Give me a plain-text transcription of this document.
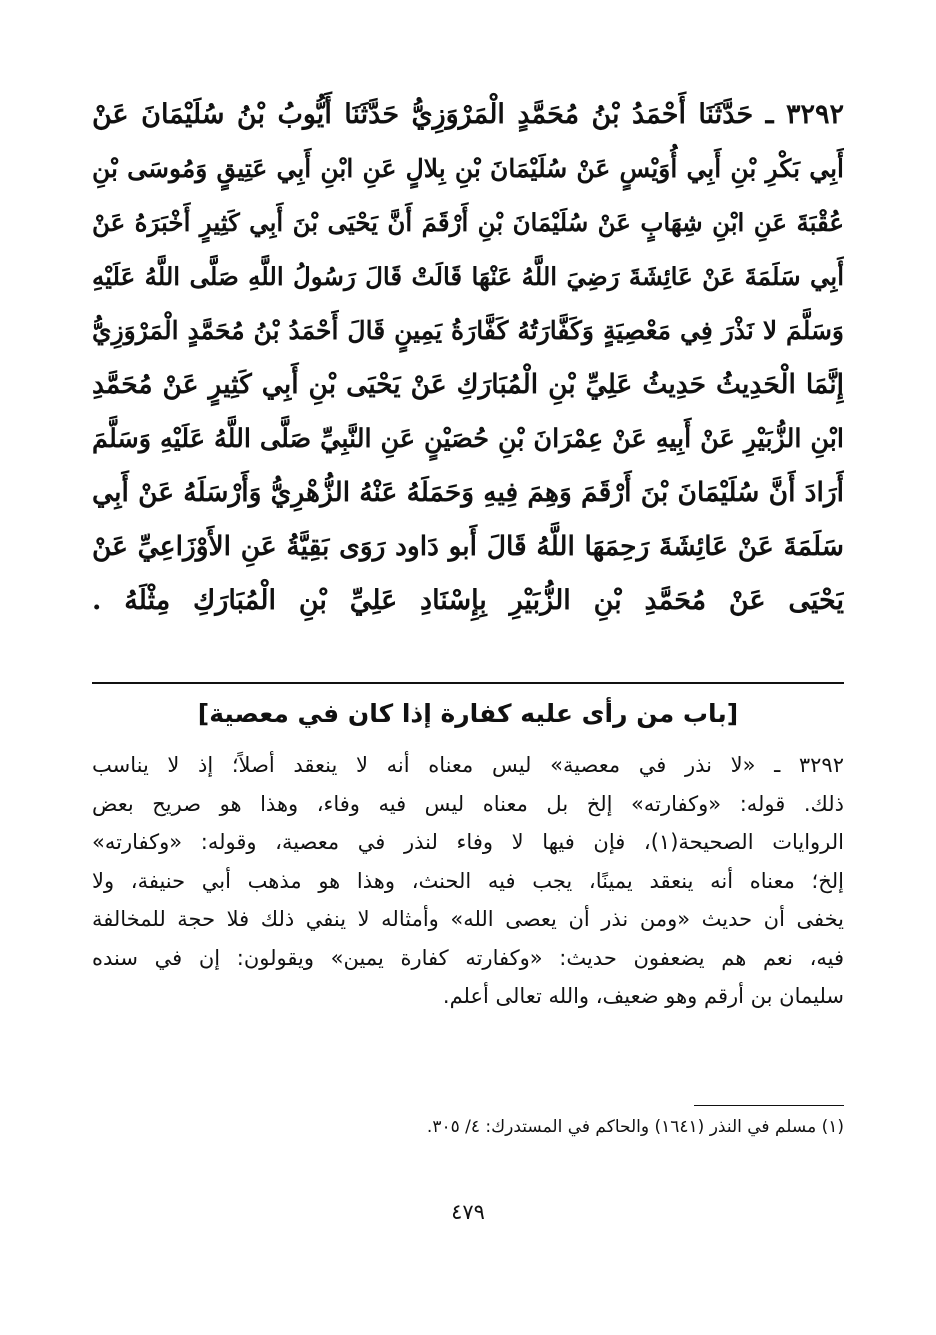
٣٢٩٢ ـ حَدَّثَنَا أَحْمَدُ بْنُ مُحَمَّدٍ الْمَرْوَزِيُّ حَدَّثَنَا أَيُّوبُ بْنُ سُلَيْمَانَ عَنْ
أَبِي بَكْرِ بْنِ أَبِي أُوَيْسٍ عَنْ سُلَيْمَانَ بْنِ بِلالٍ عَنِ ابْنِ أَبِي عَتِيقٍ وَمُوسَى بْنِ
عُقْبَةَ عَنِ ابْنِ شِهَابٍ عَنْ سُلَيْمَانَ بْنِ أَرْقَمَ أَنَّ يَحْيَى بْنَ أَبِي كَثِيرٍ أَخْبَرَهُ عَنْ
أَبِي سَلَمَةَ عَنْ عَائِشَةَ رَضِيَ اللَّهُ عَنْهَا قَالَتْ قَالَ رَسُولُ اللَّهِ صَلَّى اللَّهُ عَلَيْهِ
وَسَلَّمَ لا نَذْرَ فِي مَعْصِيَةٍ وَكَفَّارَتُهُ كَفَّارَةُ يَمِينٍ قَالَ أَحْمَدُ بْنُ مُحَمَّدٍ الْمَرْوَزِيُّ
إِنَّمَا الْحَدِيثُ حَدِيثُ عَلِيِّ بْنِ الْمُبَارَكِ عَنْ يَحْيَى بْنِ أَبِي كَثِيرٍ عَنْ مُحَمَّدِ
ابْنِ الزُّبَيْرِ عَنْ أَبِيهِ عَنْ عِمْرَانَ بْنِ حُصَيْنٍ عَنِ النَّبِيِّ صَلَّى اللَّهُ عَلَيْهِ وَسَلَّمَ
أَرَادَ أَنَّ سُلَيْمَانَ بْنَ أَرْقَمَ وَهِمَ فِيهِ وَحَمَلَهُ عَنْهُ الزُّهْرِيُّ وَأَرْسَلَهُ عَنْ أَبِي
سَلَمَةَ عَنْ عَائِشَةَ رَحِمَهَا اللَّهُ قَالَ أَبو دَاود رَوَى بَقِيَّةُ عَنِ الأَوْزَاعِيِّ عَنْ
يَحْيَى عَنْ مُحَمَّدِ بْنِ الزُّبَيْرِ بِإِسْنَادِ عَلِيِّ بْنِ الْمُبَارَكِ مِثْلَهُ .
[باب من رأى عليه كفارة إذا كان في معصية]
٣٢٩٢ ـ «لا نذر في معصية» ليس معناه أنه لا ينعقد أصلاً؛ إذ لا يناسب
ذلك. قوله: «وكفارته» إلخ بل معناه ليس فيه وفاء، وهذا هو صريح بعض
الروايات الصحيحة(١)، فإن فيها لا وفاء لنذر في معصية، وقوله: «وكفارته»
إلخ؛ معناه أنه ينعقد يمينًا، يجب فيه الحنث، وهذا هو مذهب أبي حنيفة، ولا
يخفى أن حديث «ومن نذر أن يعصى الله» وأمثاله لا ينفي ذلك فلا حجة للمخالفة
فيه، نعم هم يضعفون حديث: «وكفارته كفارة يمين» ويقولون: إن في سنده
سليمان بن أرقم وهو ضعيف، والله تعالى أعلم.
(١) مسلم في النذر (١٦٤١) والحاكم في المستدرك: ٤/ ٣٠٥.
٤٧٩
